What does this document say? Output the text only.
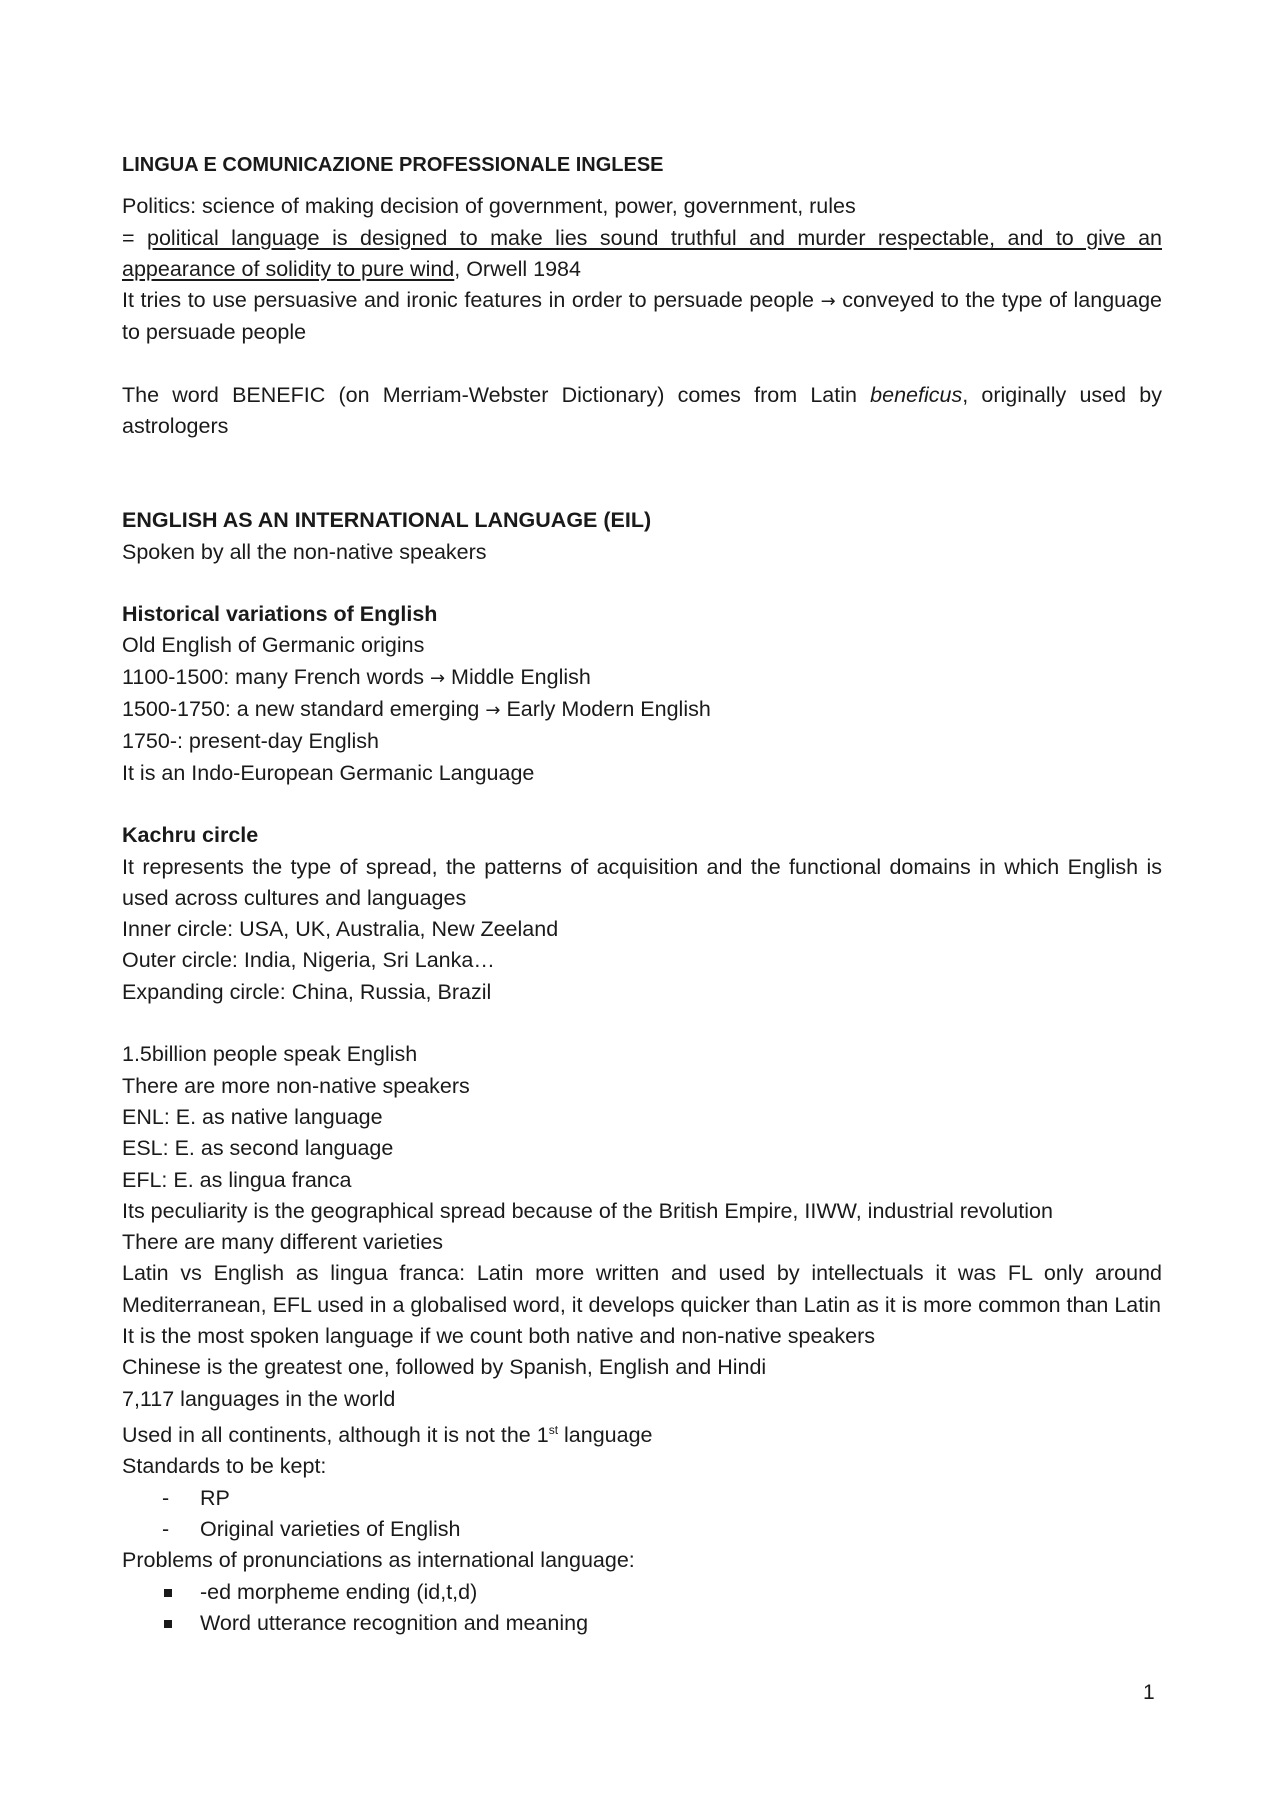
LINGUA E COMUNICAZIONE PROFESSIONALE INGLESE

Politics: science of making decision of government, power, government, rules

= political language is designed to make lies sound truthful and murder respectable, and to give an appearance of solidity to pure wind, Orwell 1984

It tries to use persuasive and ironic features in order to persuade people → conveyed to the type of language to persuade people

The word BENEFIC (on Merriam-Webster Dictionary) comes from Latin beneficus, originally used by astrologers

ENGLISH AS AN INTERNATIONAL LANGUAGE (EIL)

Spoken by all the non-native speakers

Historical variations of English

Old English of Germanic origins

1100-1500: many French words → Middle English

1500-1750: a new standard emerging → Early Modern English

1750-: present-day English

It is an Indo-European Germanic Language

Kachru circle

It represents the type of spread, the patterns of acquisition and the functional domains in which English is used across cultures and languages

Inner circle: USA, UK, Australia, New Zeeland

Outer circle: India, Nigeria, Sri Lanka…

Expanding circle: China, Russia, Brazil

1.5billion people speak English

There are more non-native speakers

ENL: E. as native language

ESL: E. as second language

EFL: E. as lingua franca

Its peculiarity is the geographical spread because of the British Empire, IIWW, industrial revolution

There are many different varieties

Latin vs English as lingua franca: Latin more written and used by intellectuals it was FL only around Mediterranean, EFL used in a globalised word, it develops quicker than Latin as it is more common than Latin

It is the most spoken language if we count both native and non-native speakers

Chinese is the greatest one, followed by Spanish, English and Hindi

7,117 languages in the world

Used in all continents, although it is not the 1st language

Standards to be kept:

-
RP
-
Original varieties of English

Problems of pronunciations as international language:

-ed morpheme ending (id,t,d)
Word utterance recognition and meaning
1
